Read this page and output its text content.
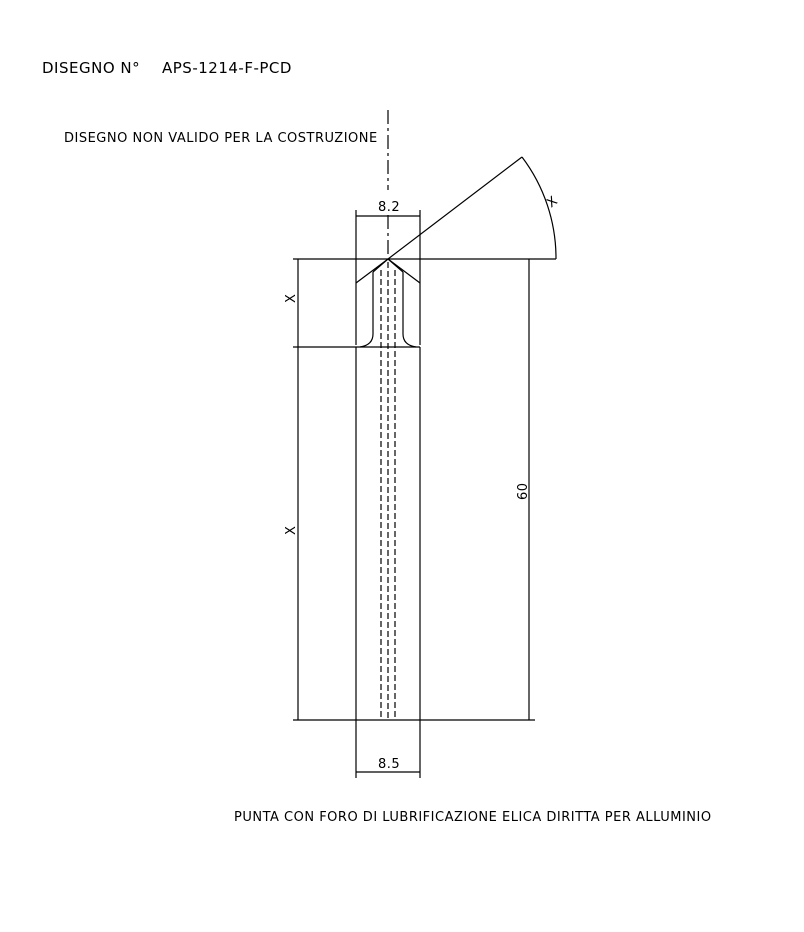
DISEGNO N° APS-1214-F-PCD
DISEGNO NON VALIDO PER LA COSTRUZIONE
8.2	X
X
X
60
8.5
PUNTA CON FORO DI LUBRIFICAZIONE ELICA DIRITTA PER ALLUMINIO
